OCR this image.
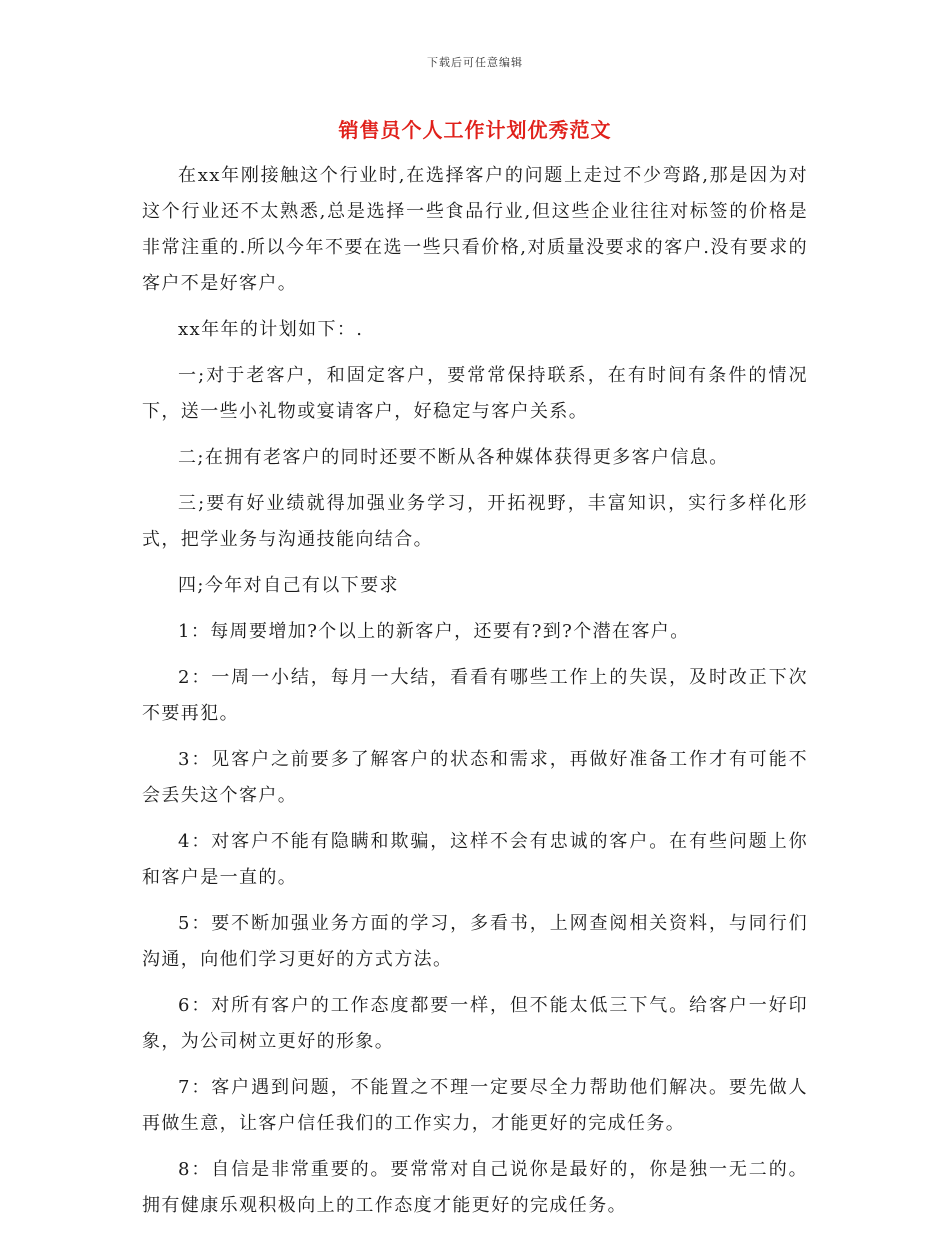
下载后可任意编辑
销售员个人工作计划优秀范文

在xx年刚接触这个行业时,在选择客户的问题上走过不少弯路,那是因为对这个行业还不太熟悉,总是选择一些食品行业,但这些企业往往对标签的价格是非常注重的.所以今年不要在选一些只看价格,对质量没要求的客户.没有要求的客户不是好客户。

xx年年的计划如下：.

一;对于老客户，和固定客户，要常常保持联系，在有时间有条件的情况下，送一些小礼物或宴请客户，好稳定与客户关系。

二;在拥有老客户的同时还要不断从各种媒体获得更多客户信息。

三;要有好业绩就得加强业务学习，开拓视野，丰富知识，实行多样化形式，把学业务与沟通技能向结合。

四;今年对自己有以下要求

1：每周要增加?个以上的新客户，还要有?到?个潜在客户。

2：一周一小结，每月一大结，看看有哪些工作上的失误，及时改正下次不要再犯。

3：见客户之前要多了解客户的状态和需求，再做好准备工作才有可能不会丢失这个客户。

4：对客户不能有隐瞒和欺骗，这样不会有忠诚的客户。在有些问题上你和客户是一直的。

5：要不断加强业务方面的学习，多看书，上网查阅相关资料，与同行们沟通，向他们学习更好的方式方法。

6：对所有客户的工作态度都要一样，但不能太低三下气。给客户一好印象，为公司树立更好的形象。

7：客户遇到问题，不能置之不理一定要尽全力帮助他们解决。要先做人再做生意，让客户信任我们的工作实力，才能更好的完成任务。

8：自信是非常重要的。要常常对自己说你是最好的，你是独一无二的。拥有健康乐观积极向上的工作态度才能更好的完成任务。
